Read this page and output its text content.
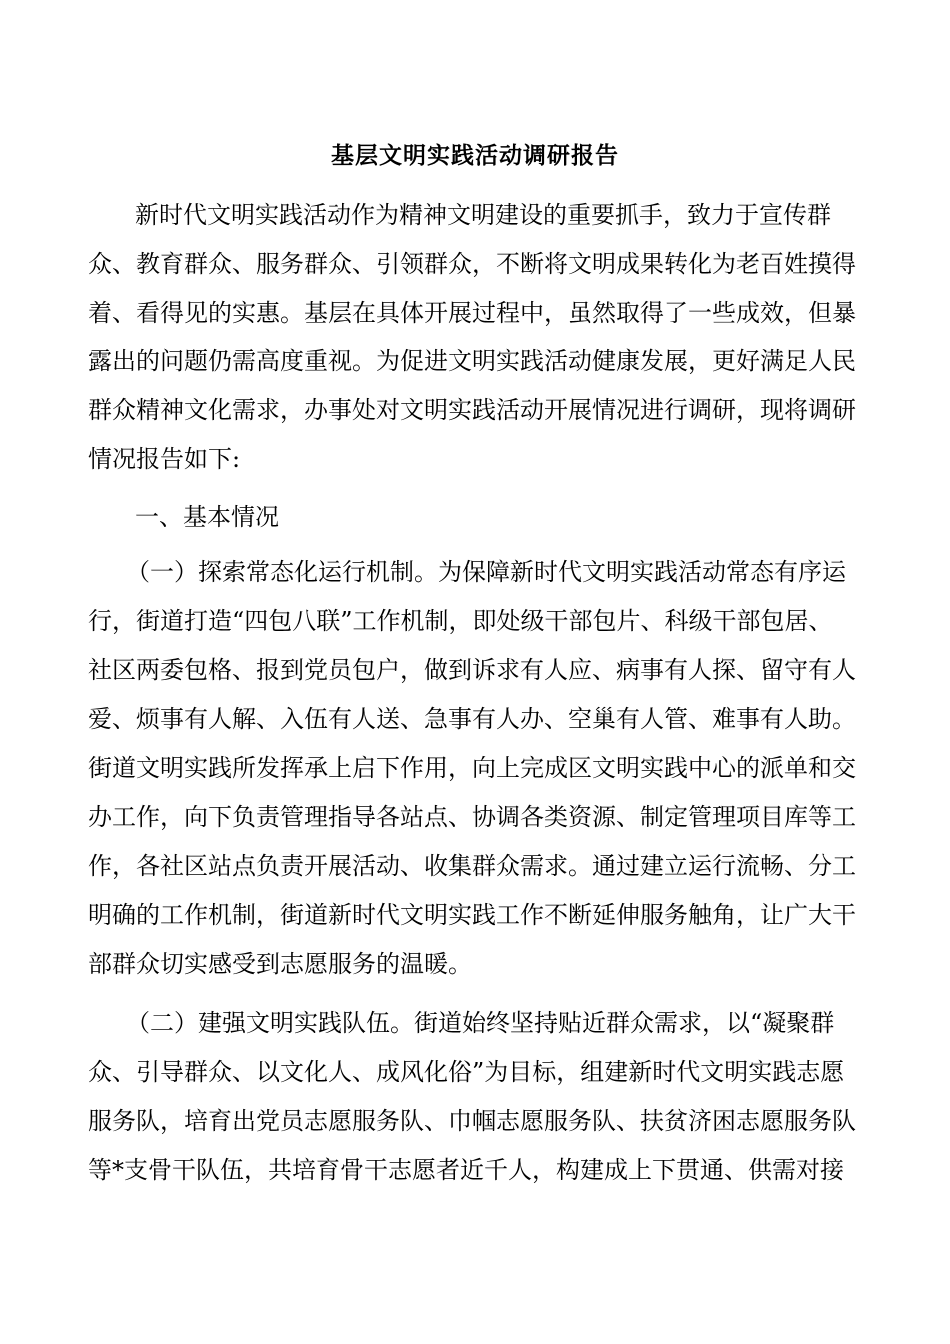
基层文明实践活动调研报告
新时代文明实践活动作为精神文明建设的重要抓手，致力于宣传群
众、教育群众、服务群众、引领群众，不断将文明成果转化为老百姓摸得
着、看得见的实惠。基层在具体开展过程中，虽然取得了一些成效，但暴
露出的问题仍需高度重视。为促进文明实践活动健康发展，更好满足人民
群众精神文化需求，办事处对文明实践活动开展情况进行调研，现将调研
情况报告如下:
一、基本情况
（一）探索常态化运行机制。为保障新时代文明实践活动常态有序运
行，街道打造“四包八联”工作机制，即处级干部包片、科级干部包居、
社区两委包格、报到党员包户，做到诉求有人应、病事有人探、留守有人
爱、烦事有人解、入伍有人送、急事有人办、空巢有人管、难事有人助。
街道文明实践所发挥承上启下作用，向上完成区文明实践中心的派单和交
办工作，向下负责管理指导各站点、协调各类资源、制定管理项目库等工
作，各社区站点负责开展活动、收集群众需求。通过建立运行流畅、分工
明确的工作机制，街道新时代文明实践工作不断延伸服务触角，让广大干
部群众切实感受到志愿服务的温暖。
（二）建强文明实践队伍。街道始终坚持贴近群众需求，以“凝聚群
众、引导群众、以文化人、成风化俗”为目标，组建新时代文明实践志愿
服务队，培育出党员志愿服务队、巾帼志愿服务队、扶贫济困志愿服务队
等*支骨干队伍，共培育骨干志愿者近千人，构建成上下贯通、供需对接
